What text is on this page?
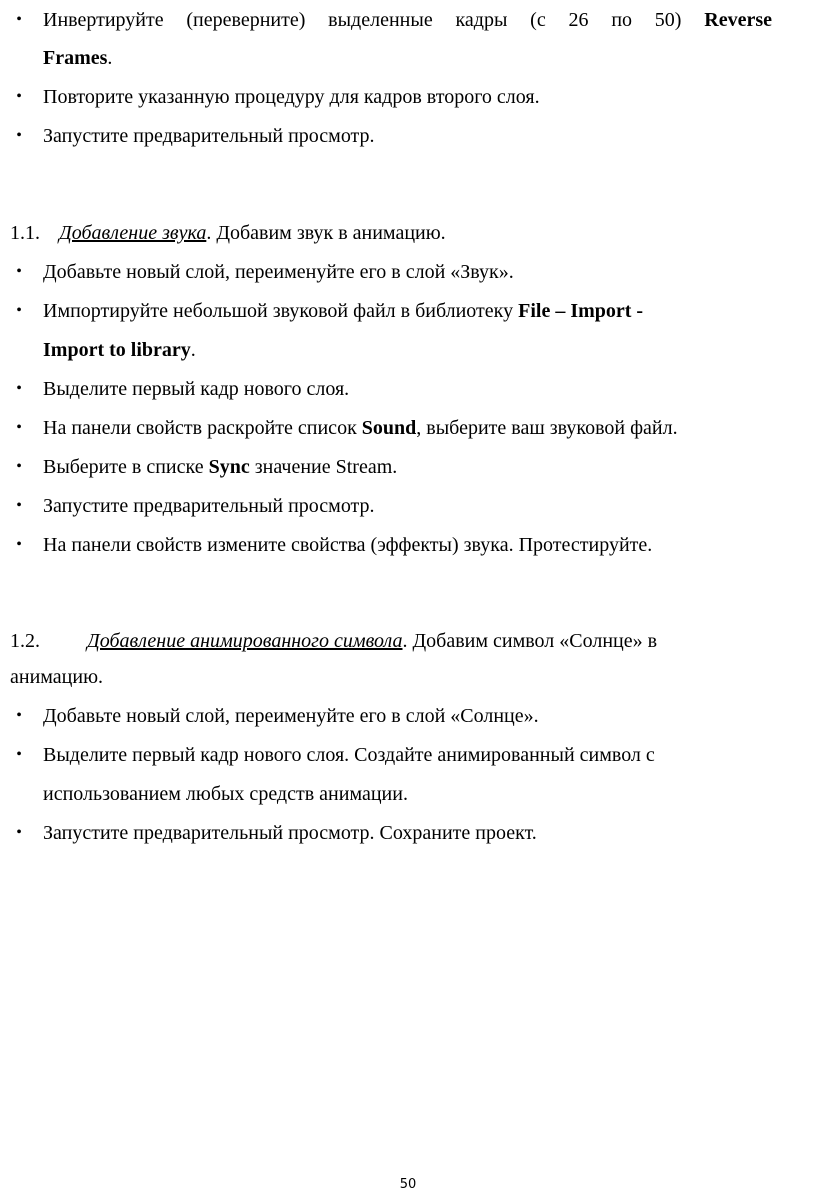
• Инвертируйте (переверните) выделенные кадры (с 26 по 50) Reverse
Frames.
• Повторите указанную процедуру для кадров второго слоя.
• Запустите предварительный просмотр.
1.1. Добавление звука. Добавим звук в анимацию.
• Добавьте новый слой, переименуйте его в слой «Звук».
• Импортируйте небольшой звуковой файл в библиотеку File – Import -
Import to library.
• Выделите первый кадр нового слоя.
• На панели свойств раскройте список Sound, выберите ваш звуковой файл.
• Выберите в списке Sync значение Stream.
• Запустите предварительный просмотр.
• На панели свойств измените свойства (эффекты) звука. Протестируйте.
1.2. Добавление анимированного символа. Добавим символ «Солнце» в
анимацию.
• Добавьте новый слой, переименуйте его в слой «Солнце».
• Выделите первый кадр нового слоя. Создайте анимированный символ с
использованием любых средств анимации.
• Запустите предварительный просмотр. Сохраните проект.
50
